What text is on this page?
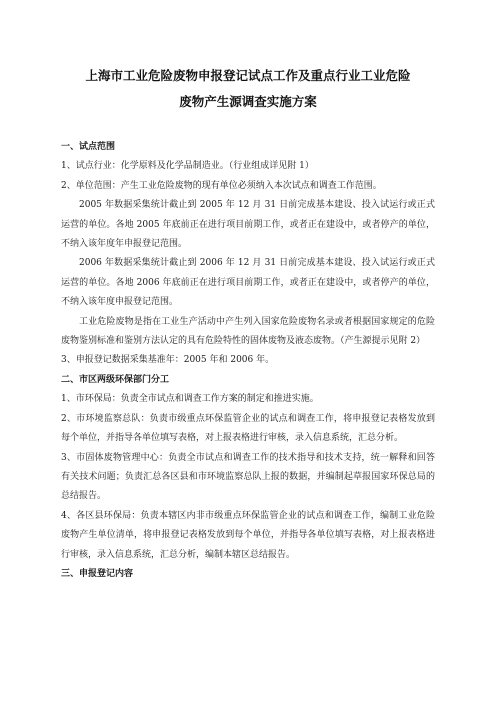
上海市工业危险废物申报登记试点工作及重点行业工业危险
废物产生源调查实施方案

一、试点范围

1、试点行业：化学原料及化学品制造业。（行业组成详见附 1）

2、单位范围：产生工业危险废物的现有单位必须纳入本次试点和调查工作范围。

2005 年数据采集统计截止到 2005 年 12 月 31 日前完成基本建设、投入试运行或正式运营的单位。各地 2005 年底前正在进行项目前期工作，或者正在建设中，或者停产的单位，不纳入该年度年申报登记范围。

2006 年数据采集统计截止到 2006 年 12 月 31 日前完成基本建设、投入试运行或正式运营的单位。各地 2006 年底前正在进行项目前期工作，或者正在建设中，或者停产的单位，不纳入该年度申报登记范围。

工业危险废物是指在工业生产活动中产生列入国家危险废物名录或者根据国家规定的危险废物鉴别标准和鉴别方法认定的具有危险特性的固体废物及液态废物。（产生源提示见附 2）

3、申报登记数据采集基准年：2005 年和 2006 年。

二、市区两级环保部门分工

1、市环保局：负责全市试点和调查工作方案的制定和推进实施。

2、市环境监察总队：负责市级重点环保监管企业的试点和调查工作，将申报登记表格发放到每个单位，并指导各单位填写表格，对上报表格进行审核，录入信息系统，汇总分析。

3、市固体废物管理中心：负责全市试点和调查工作的技术指导和技术支持，统一解释和回答有关技术问题；负责汇总各区县和市环境监察总队上报的数据，并编制起草报国家环保总局的总结报告。

4、各区县环保局：负责本辖区内非市级重点环保监管企业的试点和调查工作，编制工业危险废物产生单位清单，将申报登记表格发放到每个单位，并指导各单位填写表格，对上报表格进行审核，录入信息系统，汇总分析，编制本辖区总结报告。

三、申报登记内容
